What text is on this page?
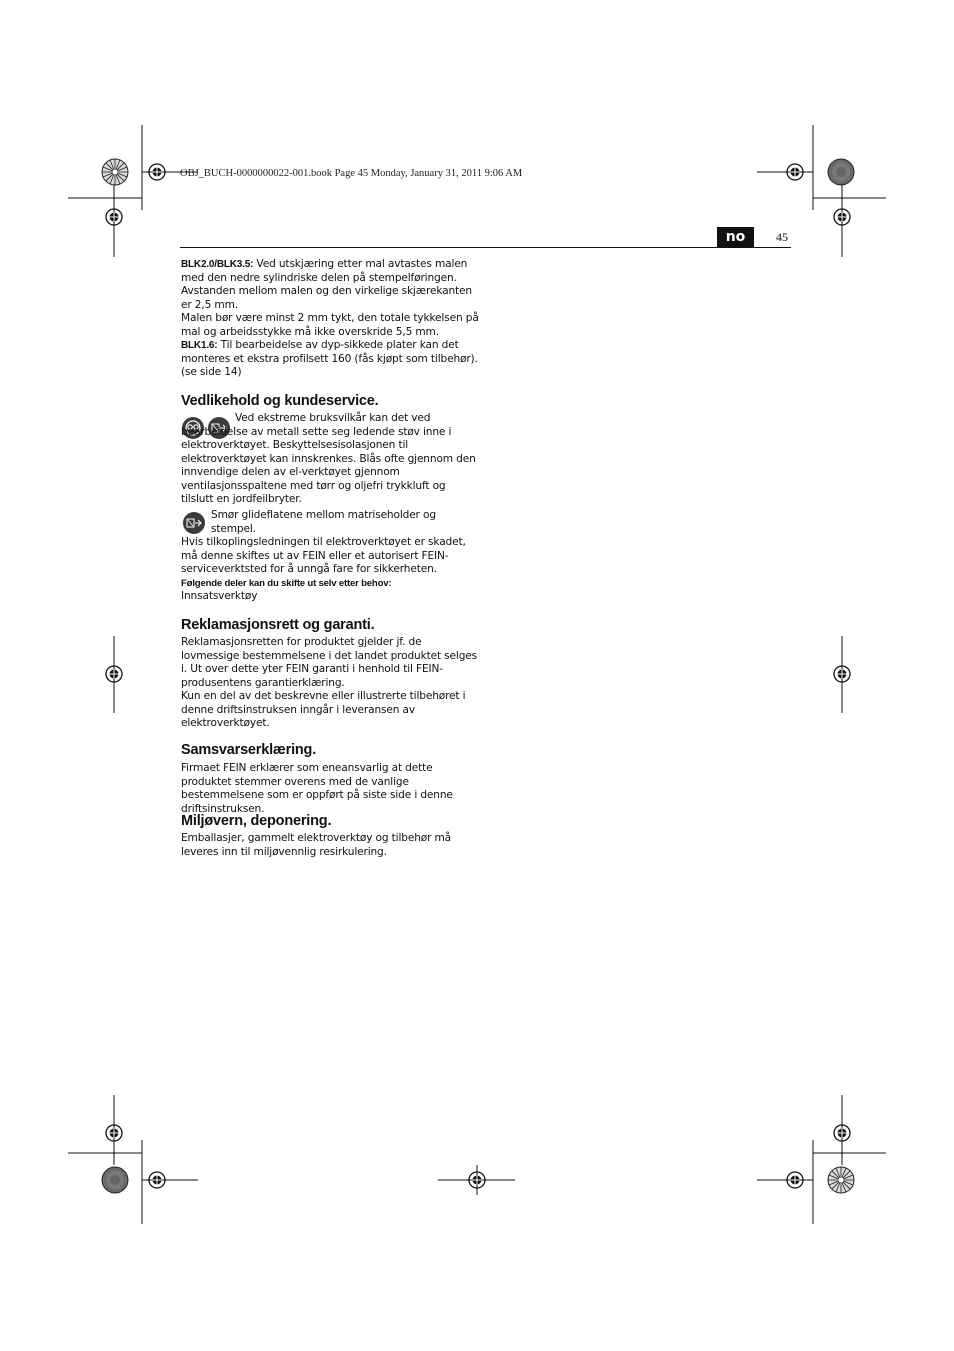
OBJ_BUCH-0000000022-001.book Page 45 Monday, January 31, 2011 9:06 AM
no	45

BLK2.0/BLK3.5: Ved utskjæring etter mal avtastes malen med den nedre sylindriske delen på stempelføringen. Avstanden mellom malen og den virkelige skjærekanten er 2,5 mm.

Malen bør være minst 2 mm tykt, den totale tykkelsen på mal og arbeidsstykke må ikke overskride 5,5 mm.

BLK1.6: Til bearbeidelse av dyp-sikkede plater kan det monteres et ekstra profilsett 160 (fås kjøpt som tilbehør). (se side 14)

Vedlikehold og kundeservice.

Ved ekstreme bruksvilkår kan det ved bearbeidelse av metall sette seg ledende støv inne i elektroverktøyet. Beskyttelsesisolasjonen til elektroverktøyet kan innskrenkes. Blås ofte gjennom den innvendige delen av el-verktøyet gjennom ventilasjonsspaltene med tørr og oljefri trykkluft og tilslutt en jordfeilbryter.

Smør glideflatene mellom matriseholder og stempel.

Hvis tilkoplingsledningen til elektroverktøyet er skadet, må denne skiftes ut av FEIN eller et autorisert FEIN-serviceverktsted for å unngå fare for sikkerheten.

Følgende deler kan du skifte ut selv etter behov:

Innsatsverktøy

Reklamasjonsrett og garanti.

Reklamasjonsretten for produktet gjelder jf. de lovmessige bestemmelsene i det landet produktet selges i. Ut over dette yter FEIN garanti i henhold til FEIN-produsentens garantierklæring.

Kun en del av det beskrevne eller illustrerte tilbehøret i denne driftsinstruksen inngår i leveransen av elektroverktøyet.

Samsvarserklæring.

Firmaet FEIN erklærer som eneansvarlig at dette produktet stemmer overens med de vanlige bestemmelsene som er oppført på siste side i denne driftsinstruksen.

Miljøvern, deponering.

Emballasjer, gammelt elektroverktøy og tilbehør må leveres inn til miljøvennlig resirkulering.
